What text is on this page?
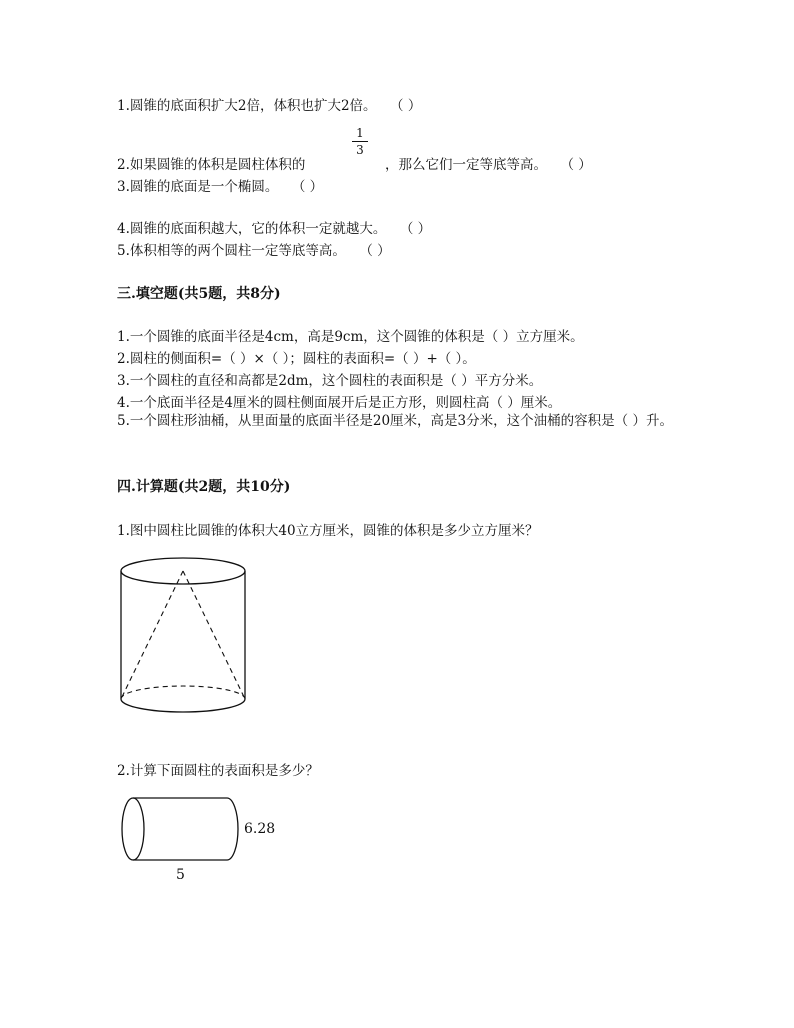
1.圆锥的底面积扩大2倍，体积也扩大2倍。　　（ ）
2.如果圆锥的体积是圆柱体积的
1
3
，那么它们一定等底等高。　　（ ）
3.圆锥的底面是一个椭圆。　　（ ）
4.圆锥的底面积越大，它的体积一定就越大。　　（ ）
5.体积相等的两个圆柱一定等底等高。　　（ ）
三.填空题(共5题，共8分)
1.一个圆锥的底面半径是4cm，高是9cm，这个圆锥的体积是（ ）立方厘米。
2.圆柱的侧面积=（ ）×（ ）；圆柱的表面积=（ ）+（ ）。
3.一个圆柱的直径和高都是2dm，这个圆柱的表面积是（ ）平方分米。
4.一个底面半径是4厘米的圆柱侧面展开后是正方形，则圆柱高（ ）厘米。
5.一个圆柱形油桶，从里面量的底面半径是20厘米，高是3分米，这个油桶的容积是（ ）升。
四.计算题(共2题，共10分)
1.图中圆柱比圆锥的体积大40立方厘米，圆锥的体积是多少立方厘米？
2.计算下面圆柱的表面积是多少？
6.28
5
